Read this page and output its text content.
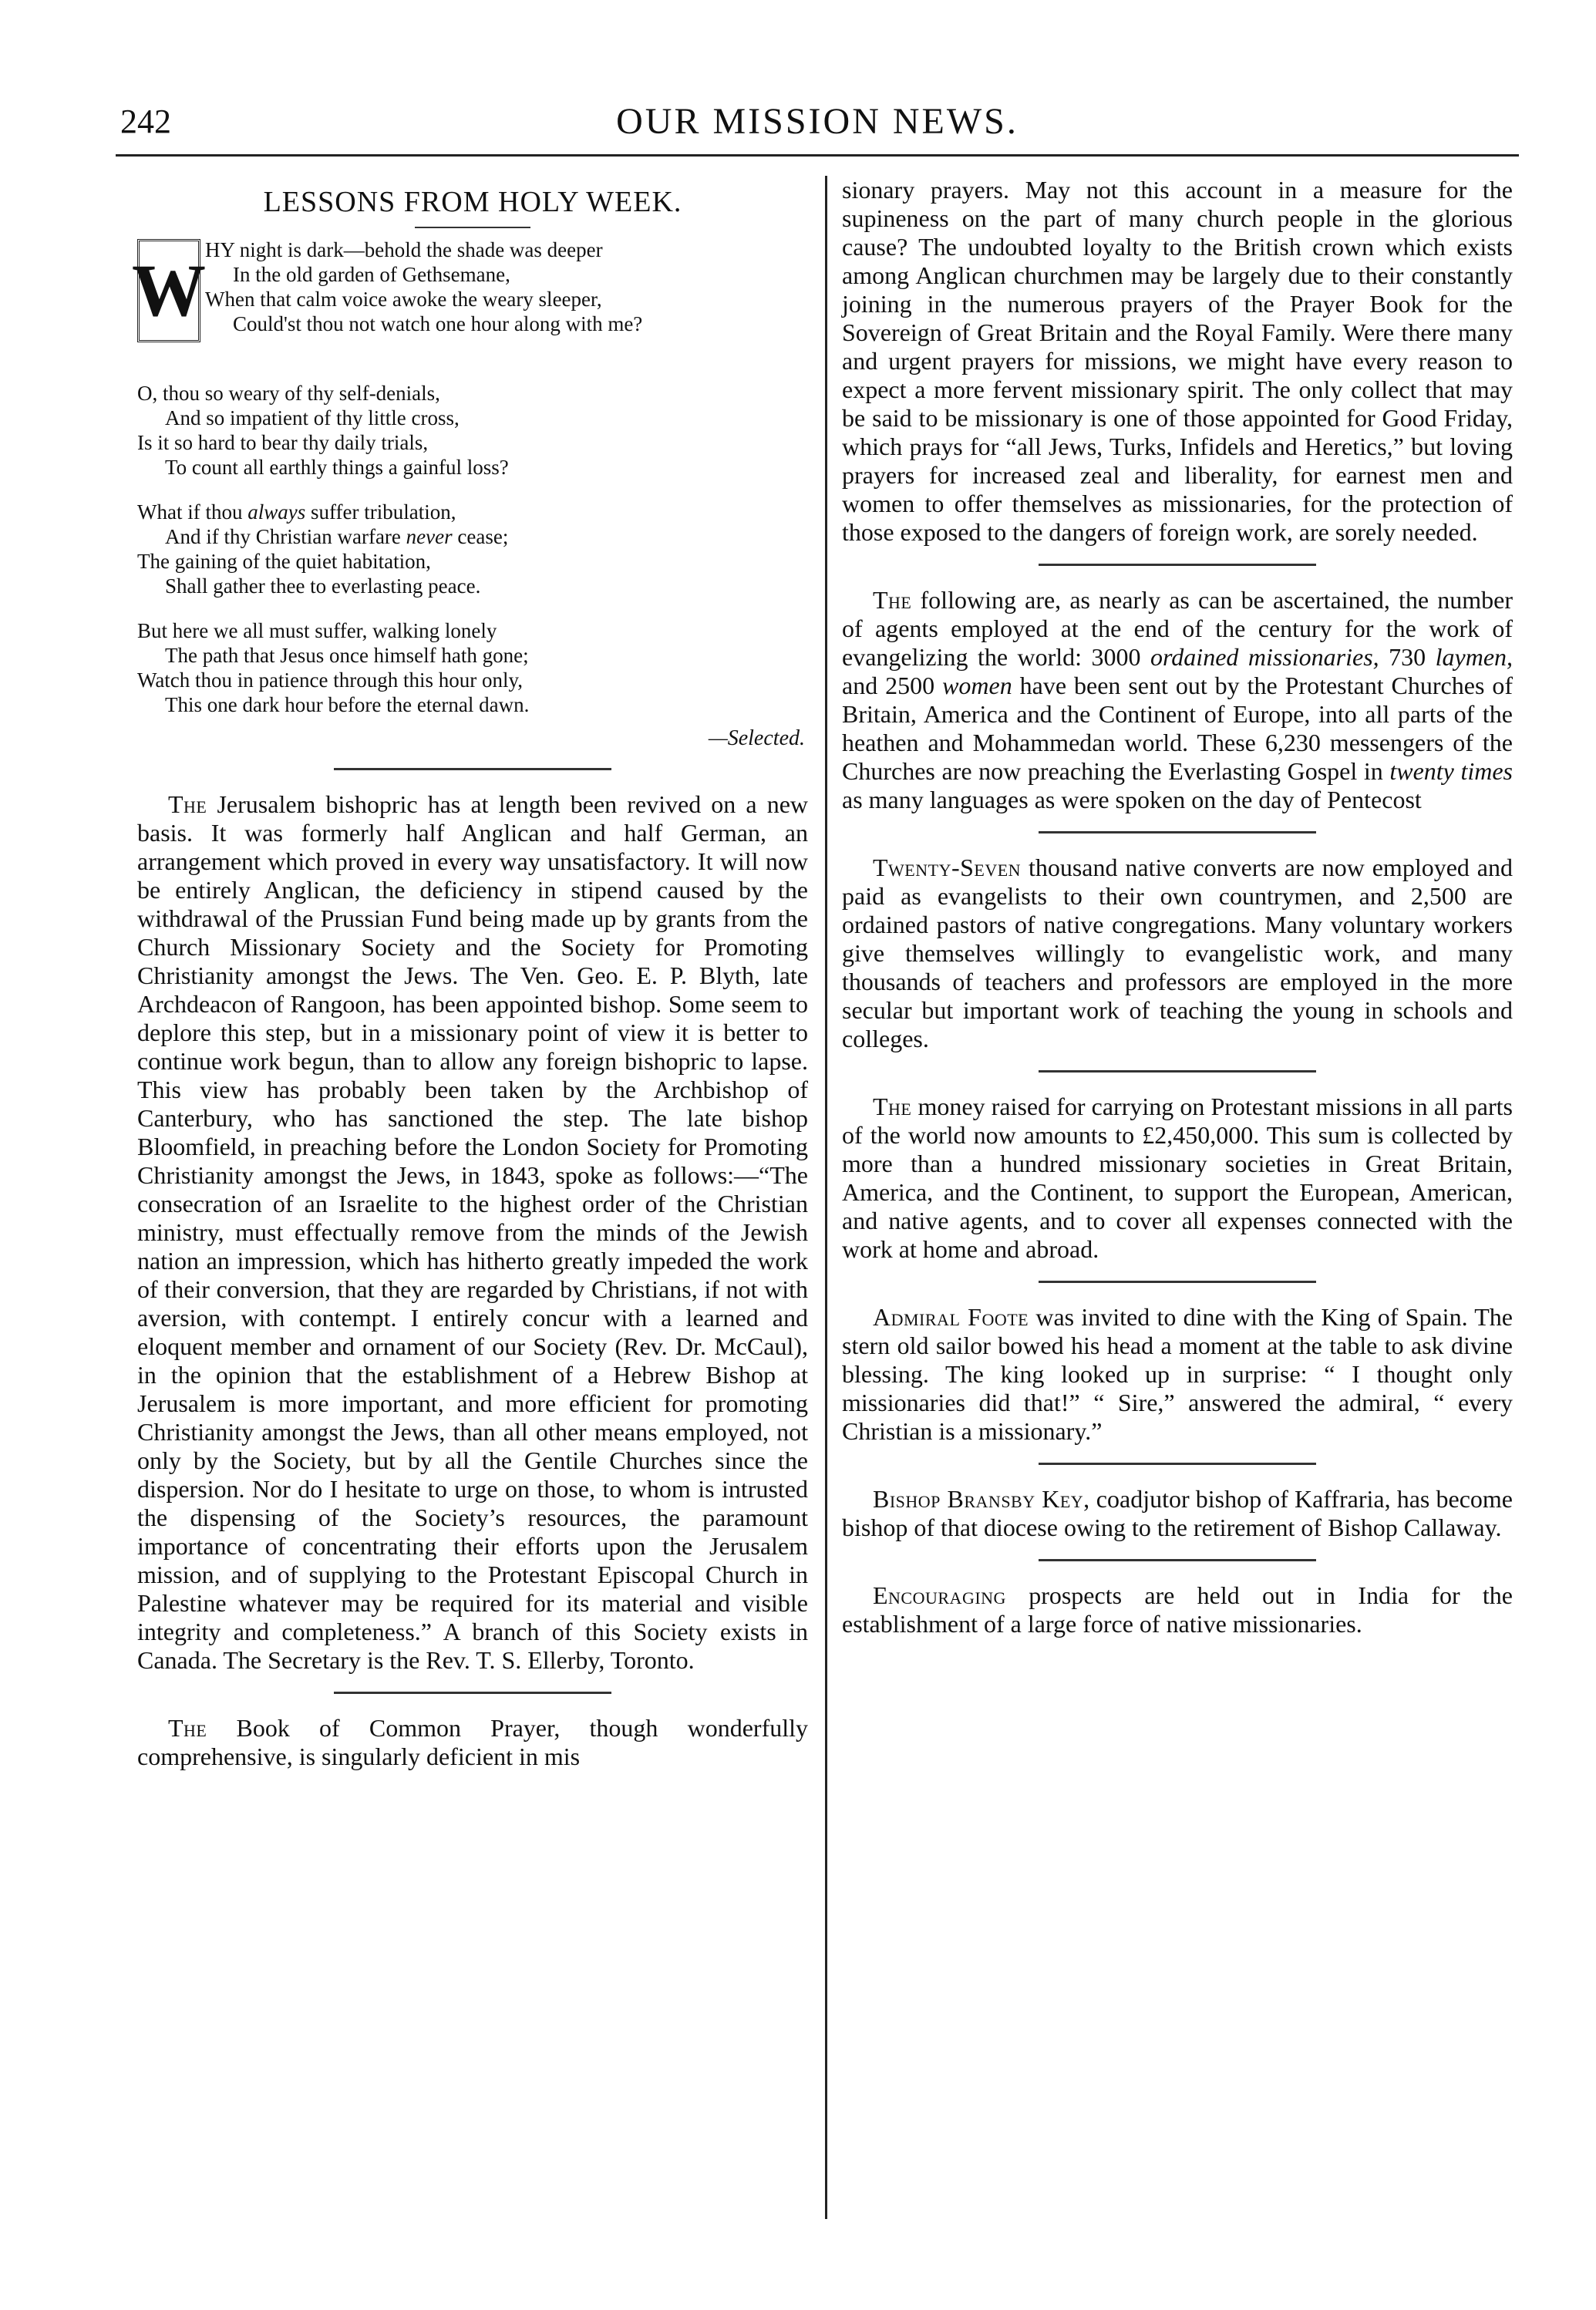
242	OUR MISSION NEWS.
LESSONS FROM HOLY WEEK.
W HY night is dark—behold the shade was deeper
In the old garden of Gethsemane,
When that calm voice awoke the weary sleeper,
Could'st thou not watch one hour along with me?
O, thou so weary of thy self-denials,
And so impatient of thy little cross,
Is it so hard to bear thy daily trials,
To count all earthly things a gainful loss?
What if thou always suffer tribulation,
And if thy Christian warfare never cease;
The gaining of the quiet habitation,
Shall gather thee to everlasting peace.
But here we all must suffer, walking lonely
The path that Jesus once himself hath gone;
Watch thou in patience through this hour only,
This one dark hour before the eternal dawn.
—Selected.

The Jerusalem bishopric has at length been revived on a new basis. It was formerly half Anglican and half German, an arrangement which proved in every way unsatisfactory. It will now be entirely Anglican, the deficiency in stipend caused by the withdrawal of the Prussian Fund being made up by grants from the Church Missionary Society and the Society for Promoting Christianity amongst the Jews. The Ven. Geo. E. P. Blyth, late Archdeacon of Rangoon, has been appointed bishop. Some seem to deplore this step, but in a missionary point of view it is better to continue work begun, than to allow any foreign bishopric to lapse. This view has probably been taken by the Archbishop of Canterbury, who has sanctioned the step. The late bishop Bloomfield, in preaching before the London Society for Promoting Christianity amongst the Jews, in 1843, spoke as follows:—“The consecration of an Israelite to the highest order of the Christian ministry, must effectually remove from the minds of the Jewish nation an impression, which has hitherto greatly impeded the work of their conversion, that they are regarded by Christians, if not with aversion, with contempt. I entirely concur with a learned and eloquent member and ornament of our Society (Rev. Dr. McCaul), in the opinion that the establishment of a Hebrew Bishop at Jerusalem is more important, and more efficient for promoting Christianity amongst the Jews, than all other means employed, not only by the Society, but by all the Gentile Churches since the dispersion. Nor do I hesitate to urge on those, to whom is intrusted the dispensing of the Society’s resources, the paramount importance of concentrating their efforts upon the Jerusalem mission, and of supplying to the Protestant Episcopal Church in Palestine whatever may be required for its material and visible integrity and completeness.” A branch of this Society exists in Canada. The Secretary is the Rev. T. S. Ellerby, Toronto.

The Book of Common Prayer, though wonderfully comprehensive, is singularly deficient in mis

sionary prayers. May not this account in a measure for the supineness on the part of many church people in the glorious cause? The undoubted loyalty to the British crown which exists among Anglican churchmen may be largely due to their constantly joining in the numerous prayers of the Prayer Book for the Sovereign of Great Britain and the Royal Family. Were there many and urgent prayers for missions, we might have every reason to expect a more fervent missionary spirit. The only collect that may be said to be missionary is one of those appointed for Good Friday, which prays for “all Jews, Turks, Infidels and Heretics,” but loving prayers for increased zeal and liberality, for earnest men and women to offer themselves as missionaries, for the protection of those exposed to the dangers of foreign work, are sorely needed.

The following are, as nearly as can be ascertained, the number of agents employed at the end of the century for the work of evangelizing the world: 3000 ordained missionaries, 730 laymen, and 2500 women have been sent out by the Protestant Churches of Britain, America and the Continent of Europe, into all parts of the heathen and Mohammedan world. These 6,230 messengers of the Churches are now preaching the Everlasting Gospel in twenty times as many languages as were spoken on the day of Pentecost

Twenty-Seven thousand native converts are now employed and paid as evangelists to their own countrymen, and 2,500 are ordained pastors of native congregations. Many voluntary workers give themselves willingly to evangelistic work, and many thousands of teachers and professors are employed in the more secular but important work of teaching the young in schools and colleges.

The money raised for carrying on Protestant missions in all parts of the world now amounts to £2,450,000. This sum is collected by more than a hundred missionary societies in Great Britain, America, and the Continent, to support the European, American, and native agents, and to cover all expenses connected with the work at home and abroad.

Admiral Foote was invited to dine with the King of Spain. The stern old sailor bowed his head a moment at the table to ask divine blessing. The king looked up in surprise: “ I thought only missionaries did that!” “ Sire,” answered the admiral, “ every Christian is a missionary.”

Bishop Bransby Key, coadjutor bishop of Kaffraria, has become bishop of that diocese owing to the retirement of Bishop Callaway.

Encouraging prospects are held out in India for the establishment of a large force of native missionaries.
